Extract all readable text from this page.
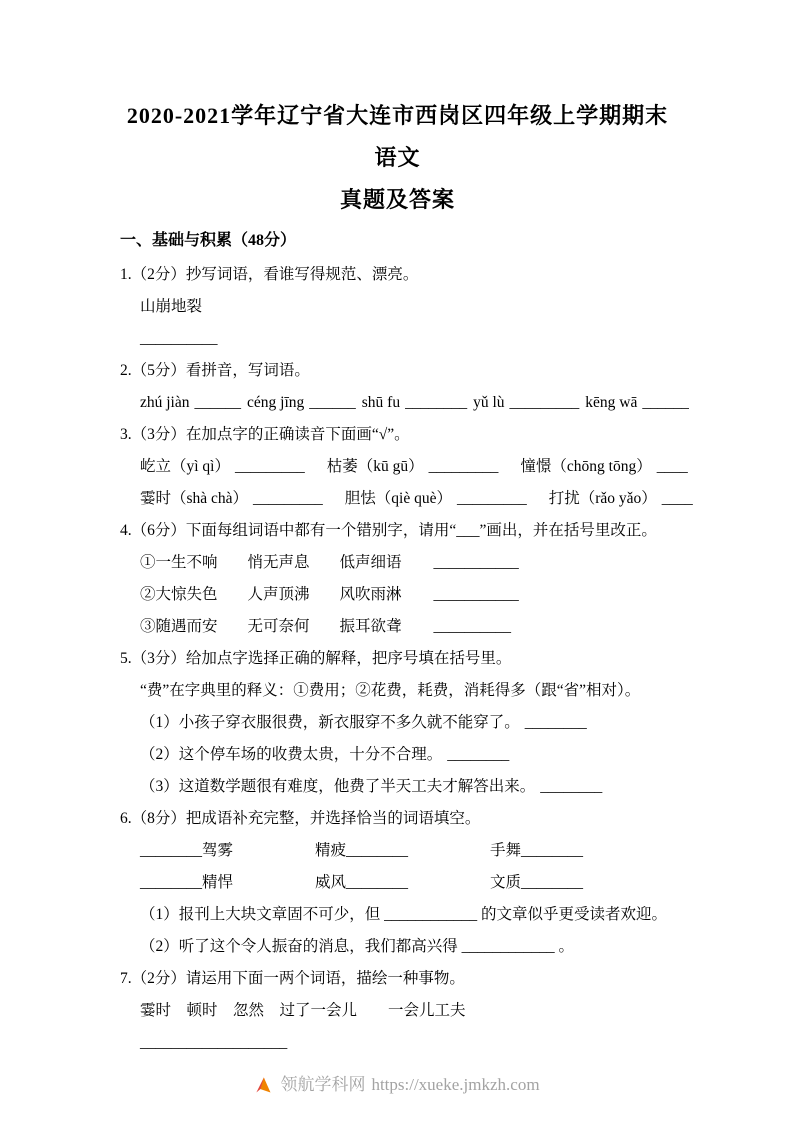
2020-2021学年辽宁省大连市西岗区四年级上学期期末语文
真题及答案
一、基础与积累（48分）
1.（2分）抄写词语，看谁写得规范、漂亮。
山崩地裂
__________
2.（5分）看拼音，写词语。
zhú jiàn ______ céng jīng ______ shū fu ________ yǔ lù _________ kēng wā ______
3.（3分）在加点字的正确读音下面画“√”。
屹立（yì qì） _________ 枯萎（kū gū） _________ 憧憬（chōng tōng） ____
霎时（shà chà） _________ 胆怯（qiè què） _________ 打扰（rǎo yǎo） ____
4.（6分）下面每组词语中都有一个错别字，请用“___”画出，并在括号里改正。
①一生不响 悄无声息 低声细语 ___________
②大惊失色 人声顶沸 风吹雨淋 ___________
③随遇而安 无可奈何 振耳欲聋 __________
5.（3分）给加点字选择正确的解释，把序号填在括号里。
“费”在字典里的释义：①费用；②花费，耗费，消耗得多（跟“省”相对）。
（1）小孩子穿衣服很费，新衣服穿不多久就不能穿了。 ________
（2）这个停车场的收费太贵，十分不合理。 ________
（3）这道数学题很有难度，他费了半天工夫才解答出来。 ________
6.（8分）把成语补充完整，并选择恰当的词语填空。
________驾雾	精疲________	手舞________
________精悍	威风________	文质________
（1）报刊上大块文章固不可少，但 ____________ 的文章似乎更受读者欢迎。
（2）听了这个令人振奋的消息，我们都高兴得 ____________ 。
7.（2分）请运用下面一两个词语，描绘一种事物。
霎时　顿时　忽然　过了一会儿　　一会儿工夫
___________________
领航学科网 https://xueke.jmkzh.com
